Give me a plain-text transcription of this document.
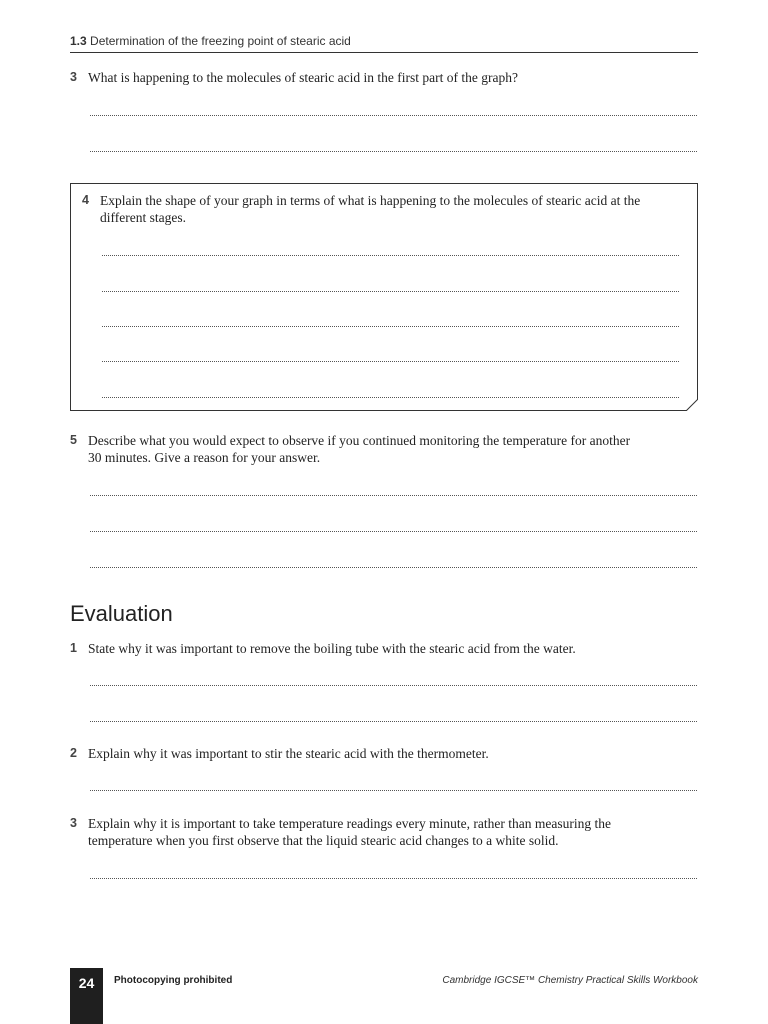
1.3 Determination of the freezing point of stearic acid
3 What is happening to the molecules of stearic acid in the first part of the graph?
4 Explain the shape of your graph in terms of what is happening to the molecules of stearic acid at the
different stages.
5 Describe what you would expect to observe if you continued monitoring the temperature for another
30 minutes. Give a reason for your answer.
Evaluation
1 State why it was important to remove the boiling tube with the stearic acid from the water.
2 Explain why it was important to stir the stearic acid with the thermometer.
3 Explain why it is important to take temperature readings every minute, rather than measuring the
temperature when you first observe that the liquid stearic acid changes to a white solid.
24	Photocopying prohibited	Cambridge IGCSE™ Chemistry Practical Skills Workbook
